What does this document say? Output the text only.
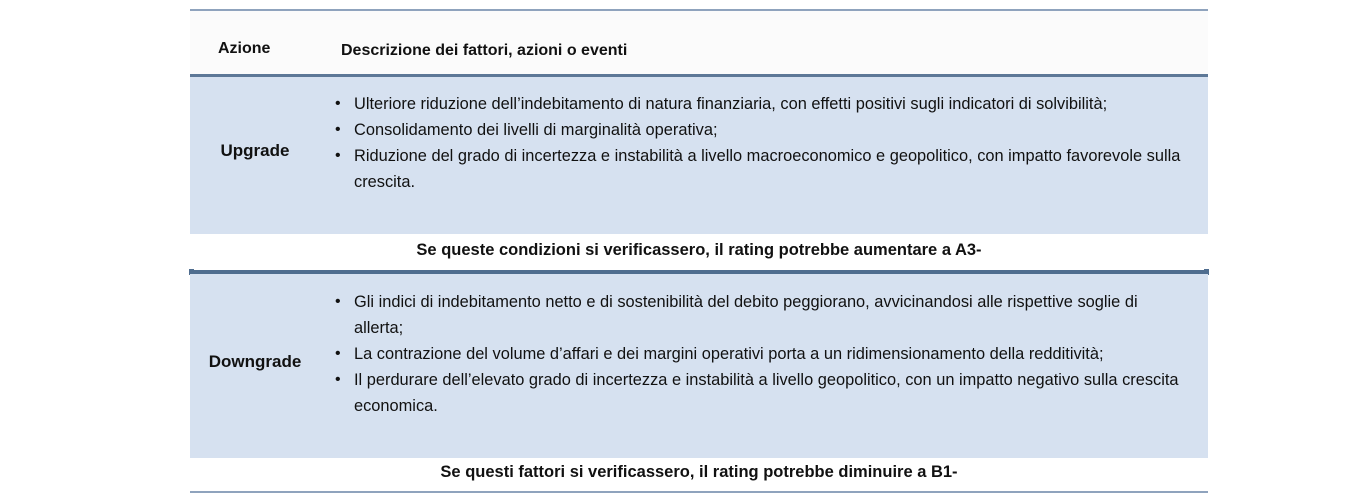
Azione	Descrizione dei fattori, azioni o eventi
Upgrade
• Ulteriore riduzione dell’indebitamento di natura finanziaria, con effetti positivi sugli indicatori di solvibilità;
• Consolidamento dei livelli di marginalità operativa;
• Riduzione del grado di incertezza e instabilità a livello macroeconomico e geopolitico, con impatto favorevole sulla crescita.
Se queste condizioni si verificassero, il rating potrebbe aumentare a A3-
Downgrade
• Gli indici di indebitamento netto e di sostenibilità del debito peggiorano, avvicinandosi alle rispettive soglie di allerta;
• La contrazione del volume d’affari e dei margini operativi porta a un ridimensionamento della redditività;
• Il perdurare dell’elevato grado di incertezza e instabilità a livello geopolitico, con un impatto negativo sulla crescita economica.
Se questi fattori si verificassero, il rating potrebbe diminuire a B1-
